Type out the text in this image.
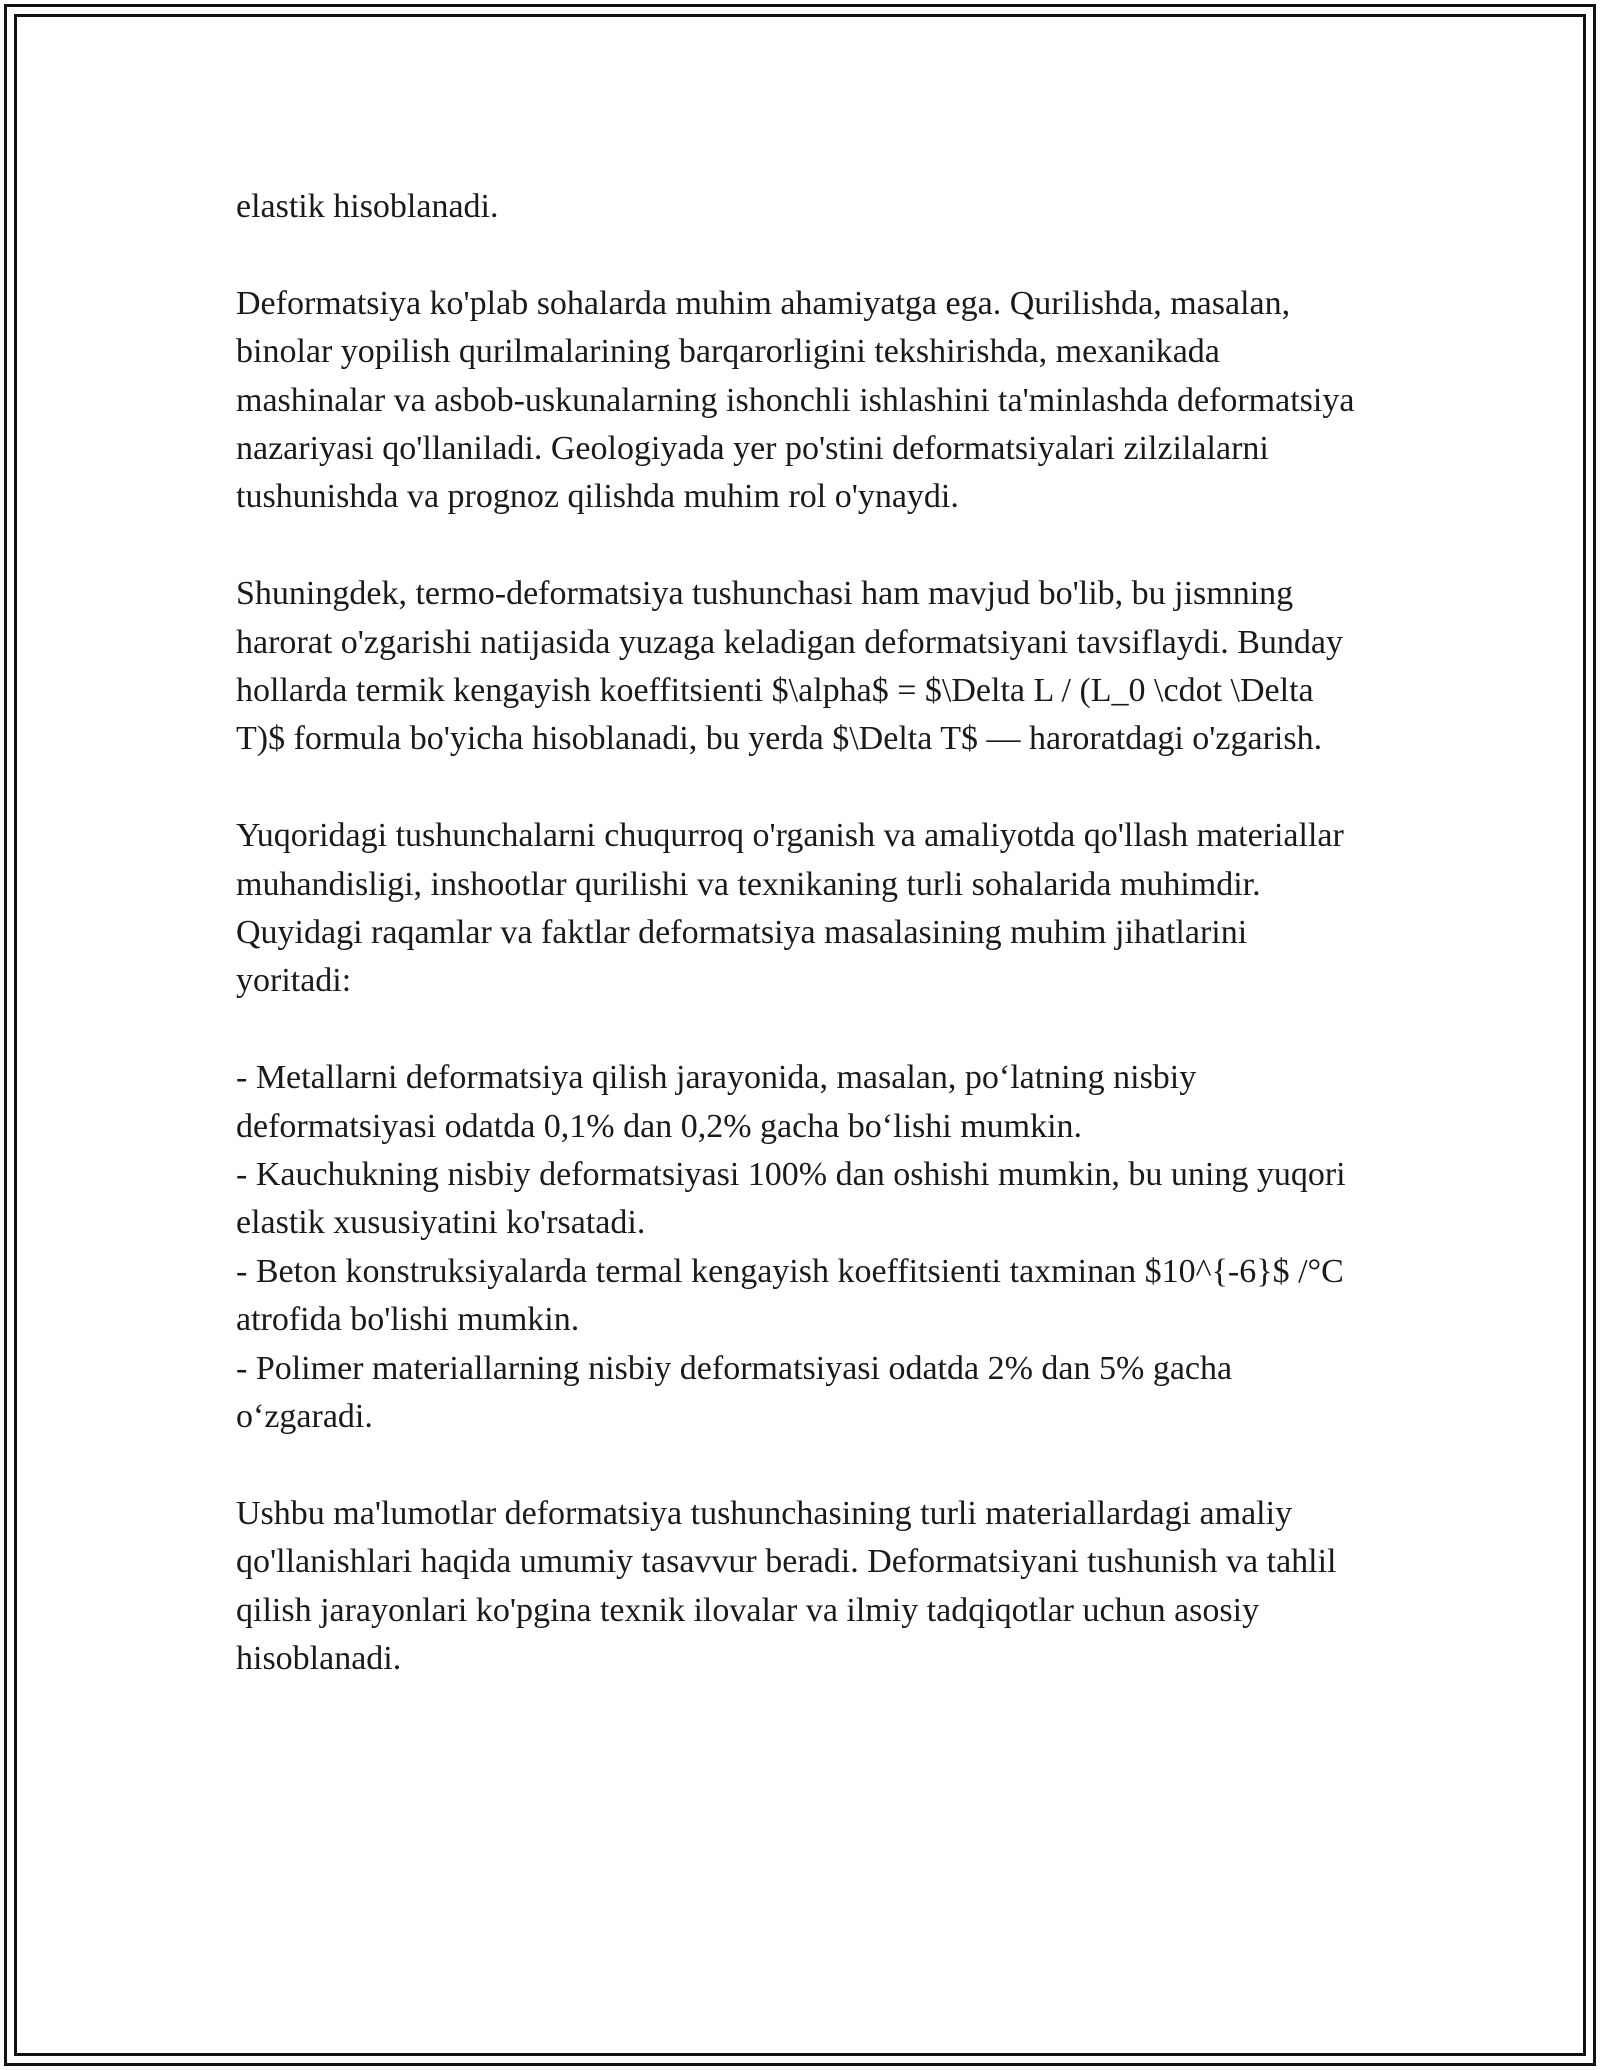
elastik hisoblanadi.

Deformatsiya ko'plab sohalarda muhim ahamiyatga ega. Qurilishda, masalan, binolar yopilish qurilmalarining barqarorligini tekshirishda, mexanikada mashinalar va asbob-uskunalarning ishonchli ishlashini ta'minlashda deformatsiya nazariyasi qo'llaniladi. Geologiyada yer po'stini deformatsiyalari zilzilalarni tushunishda va prognoz qilishda muhim rol o'ynaydi.

Shuningdek, termo-deformatsiya tushunchasi ham mavjud bo'lib, bu jismning harorat o'zgarishi natijasida yuzaga keladigan deformatsiyani tavsiflaydi. Bunday hollarda termik kengayish koeffitsienti $\alpha$ = $\Delta L / (L_0 \cdot \Delta T)$ formula bo'yicha hisoblanadi, bu yerda $\Delta T$ — haroratdagi o'zgarish.

Yuqoridagi tushunchalarni chuqurroq o'rganish va amaliyotda qo'llash materiallar muhandisligi, inshootlar qurilishi va texnikaning turli sohalarida muhimdir. Quyidagi raqamlar va faktlar deformatsiya masalasining muhim jihatlarini yoritadi:

- Metallarni deformatsiya qilish jarayonida, masalan, poʻlatning nisbiy deformatsiyasi odatda 0,1% dan 0,2% gacha boʻlishi mumkin.
- Kauchukning nisbiy deformatsiyasi 100% dan oshishi mumkin, bu uning yuqori elastik xususiyatini ko'rsatadi.
- Beton konstruksiyalarda termal kengayish koeffitsienti taxminan $10^{-6}$ /°C atrofida bo'lishi mumkin.
- Polimer materiallarning nisbiy deformatsiyasi odatda 2% dan 5% gacha oʻzgaradi.

Ushbu ma'lumotlar deformatsiya tushunchasining turli materiallardagi amaliy qo'llanishlari haqida umumiy tasavvur beradi. Deformatsiyani tushunish va tahlil qilish jarayonlari ko'pgina texnik ilovalar va ilmiy tadqiqotlar uchun asosiy hisoblanadi.
